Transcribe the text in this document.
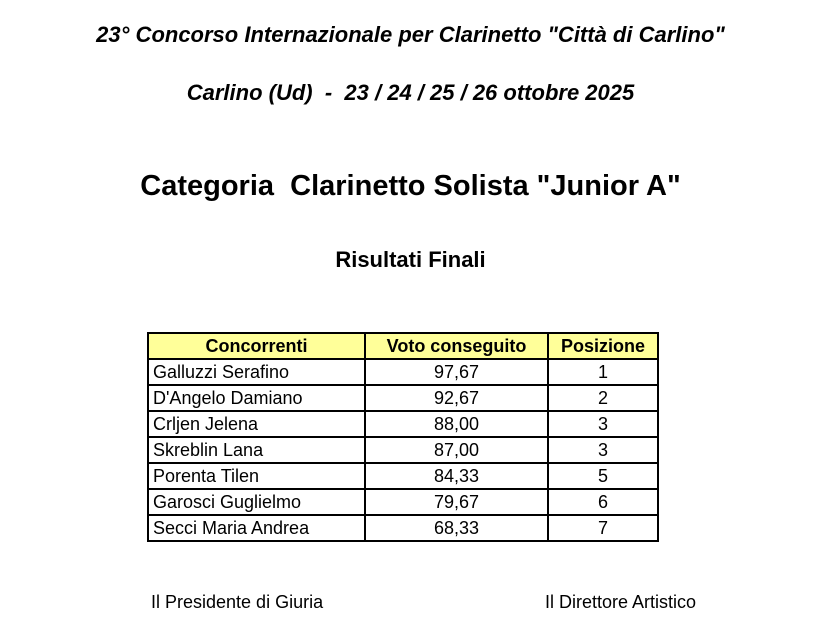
23° Concorso Internazionale per Clarinetto "Città di Carlino"
Carlino (Ud)  -  23 / 24 / 25 / 26 ottobre 2025
Categoria  Clarinetto Solista "Junior A"
Risultati Finali
Concorrenti	Voto conseguito	Posizione
Galluzzi Serafino	97,67	1
D'Angelo Damiano	92,67	2
Crljen Jelena	88,00	3
Skreblin Lana	87,00	3
Porenta Tilen	84,33	5
Garosci Guglielmo	79,67	6
Secci Maria Andrea	68,33	7
Il Presidente di Giuria	Il Direttore Artistico
